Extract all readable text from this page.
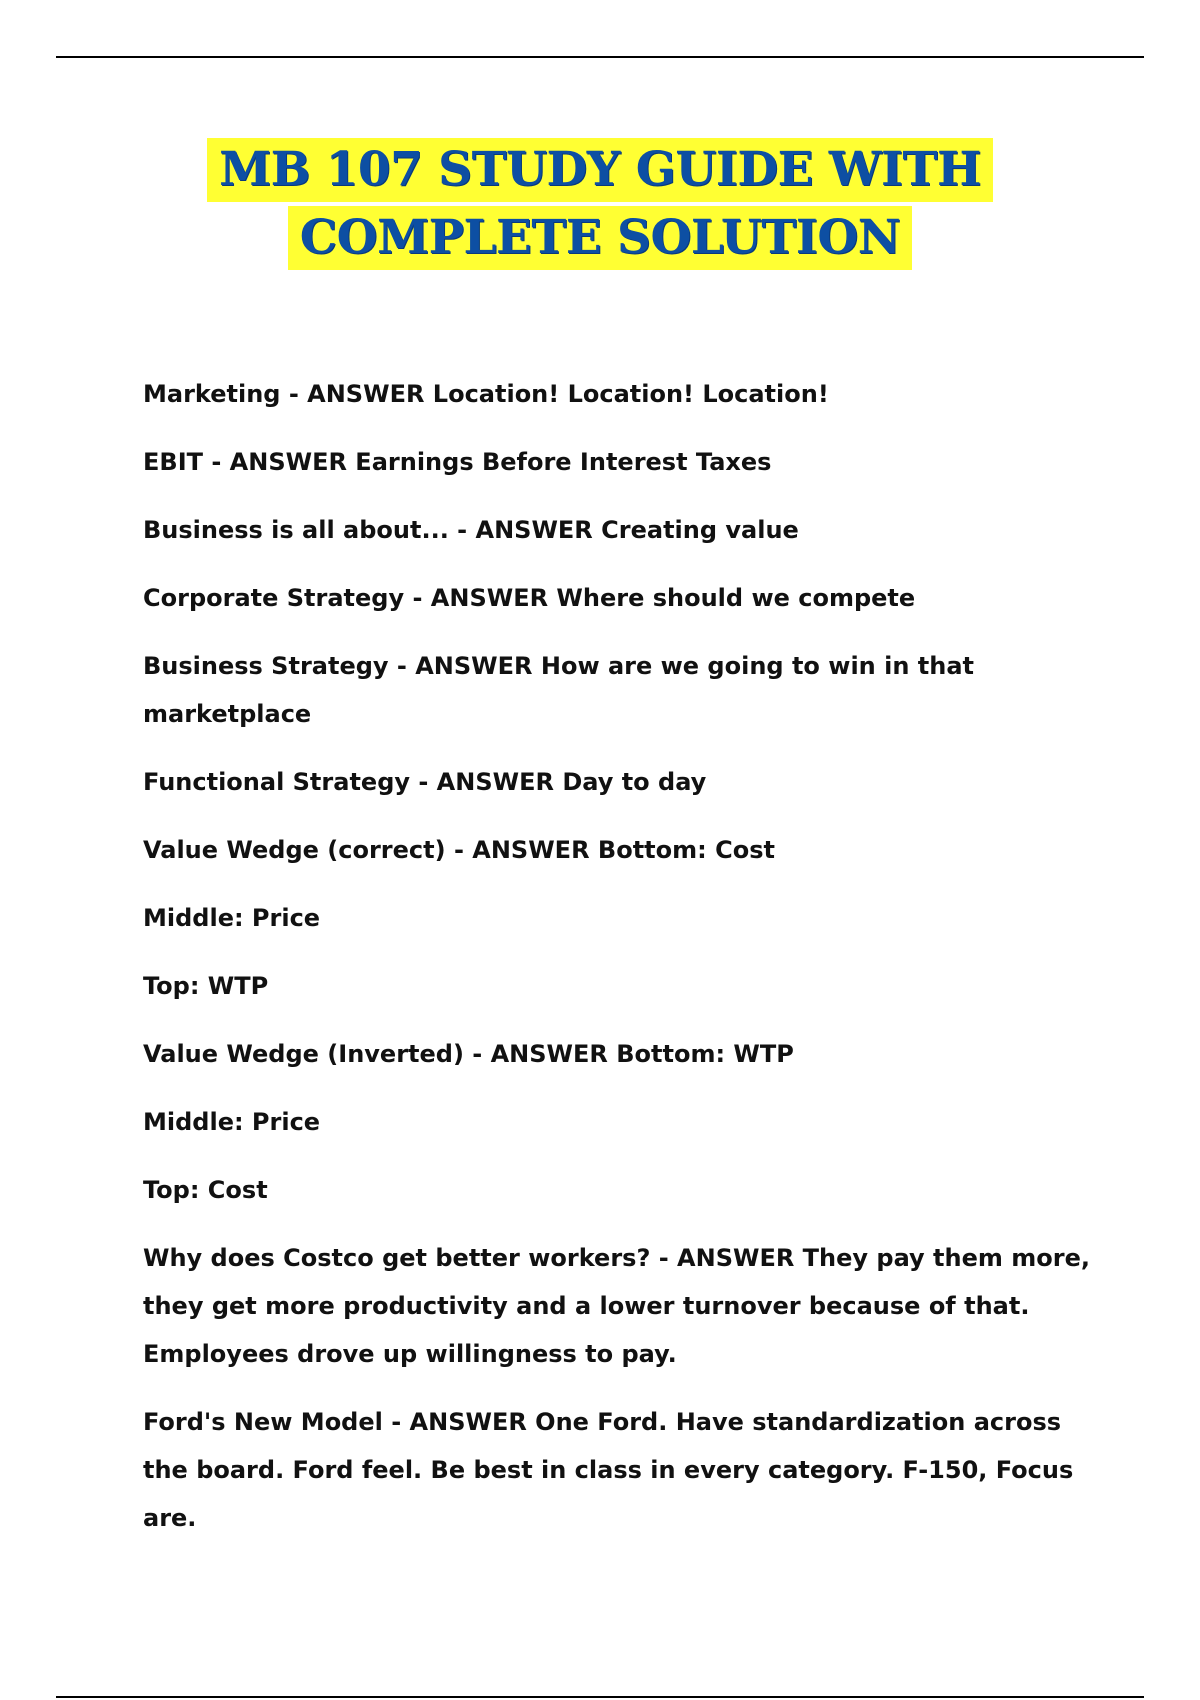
MB 107 STUDY GUIDE WITH
COMPLETE SOLUTION

Marketing - ANSWER Location! Location! Location!

EBIT - ANSWER Earnings Before Interest Taxes

Business is all about... - ANSWER Creating value

Corporate Strategy - ANSWER Where should we compete

Business Strategy - ANSWER How are we going to win in that marketplace

Functional Strategy - ANSWER Day to day

Value Wedge (correct) - ANSWER Bottom: Cost

Middle: Price

Top: WTP

Value Wedge (Inverted) - ANSWER Bottom: WTP

Middle: Price

Top: Cost

Why does Costco get better workers? - ANSWER They pay them more, they get more productivity and a lower turnover because of that. Employees drove up willingness to pay.

Ford's New Model - ANSWER One Ford. Have standardization across the board. Ford feel. Be best in class in every category. F-150, Focus are.
